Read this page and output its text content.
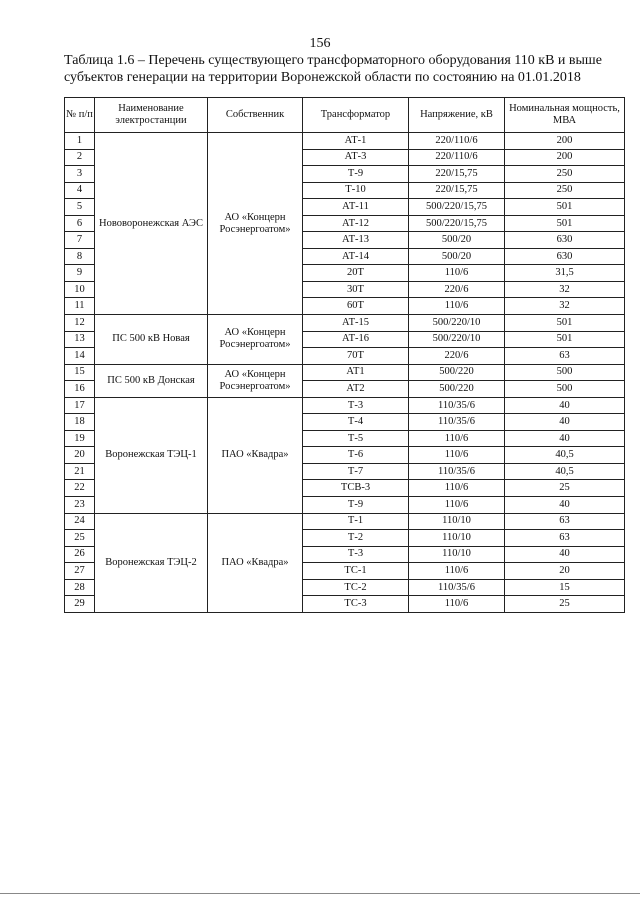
156
Таблица 1.6 – Перечень существующего трансформаторного оборудования 110 кВ и выше субъектов генерации на территории Воронежской области по состоянию на 01.01.2018
№ п/п	Наименование электростанции	Собственник	Трансформатор	Напряжение, кВ	Номинальная мощность, МВА
1	Нововоронежская АЭС	АО «Концерн Росэнергоатом»	АТ-1	220/110/6	200
2			АТ-3	220/110/6	200
3			Т-9	220/15,75	250
4			Т-10	220/15,75	250
5			АТ-11	500/220/15,75	501
6			АТ-12	500/220/15,75	501
7			АТ-13	500/20	630
8			АТ-14	500/20	630
9			20Т	110/6	31,5
10			30Т	220/6	32
11			60Т	110/6	32
12	ПС 500 кВ Новая	АО «Концерн Росэнергоатом»	АТ-15	500/220/10	501
13			АТ-16	500/220/10	501
14			70Т	220/6	63
15	ПС 500 кВ Донская	АО «Концерн Росэнергоатом»	АТ1	500/220	500
16			АТ2	500/220	500
17	Воронежская ТЭЦ-1	ПАО «Квадра»	Т-3	110/35/6	40
18			Т-4	110/35/6	40
19			Т-5	110/6	40
20			Т-6	110/6	40,5
21			Т-7	110/35/6	40,5
22			ТСВ-3	110/6	25
23			Т-9	110/6	40
24	Воронежская ТЭЦ-2	ПАО «Квадра»	Т-1	110/10	63
25			Т-2	110/10	63
26			Т-3	110/10	40
27			ТС-1	110/6	20
28			ТС-2	110/35/6	15
29			ТС-3	110/6	25
